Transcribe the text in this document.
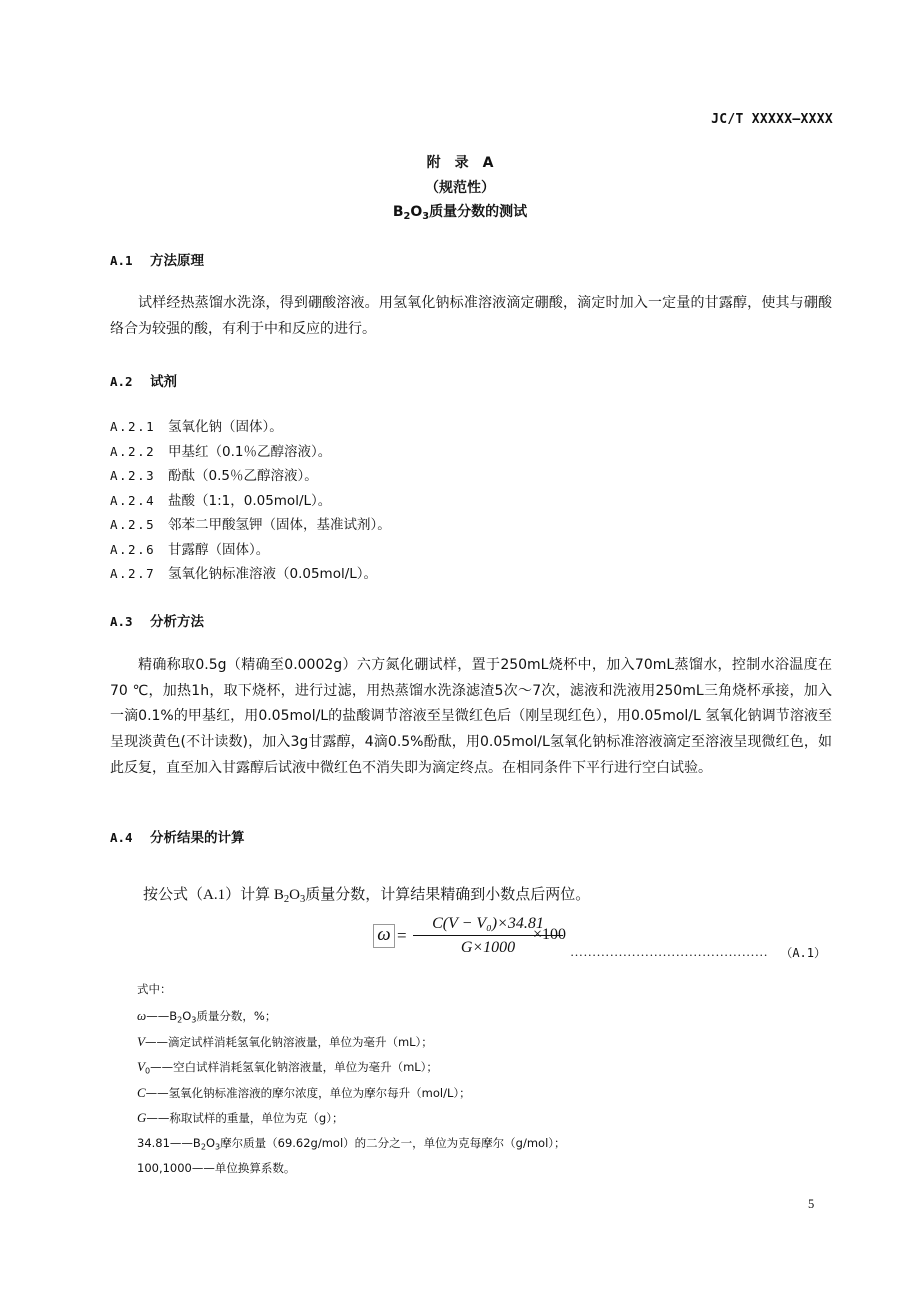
JC/T XXXXX—XXXX
附　录　A
（规范性）
$B_2O_3$质量分数的测试
A.1 方法原理
试样经热蒸馏水洗涤，得到硼酸溶液。用氢氧化钠标准溶液滴定硼酸，滴定时加入一定量的甘露醇，使其与硼酸络合为较强的酸，有利于中和反应的进行。
A.2 试剂
A.2.1 氢氧化钠（固体）。
A.2.2 甲基红（0.1％乙醇溶液）。
A.2.3 酚酞（0.5％乙醇溶液）。
A.2.4 盐酸（1:1，0.05mol/L）。
A.2.5 邻苯二甲酸氢钾（固体，基准试剂）。
A.2.6 甘露醇（固体）。
A.2.7 氢氧化钠标准溶液（0.05mol/L）。
A.3 分析方法
精确称取0.5g（精确至0.0002g）六方氮化硼试样，置于250mL烧杯中，加入70mL蒸馏水，控制水浴温度在70 ℃，加热1h，取下烧杯，进行过滤，用热蒸馏水洗涤滤渣5次～7次，滤液和洗液用250mL三角烧杯承接，加入一滴0.1%的甲基红，用0.05mol/L的盐酸调节溶液至呈微红色后（刚呈现红色），用0.05mol/L 氢氧化钠调节溶液至呈现淡黄色(不计读数)，加入3g甘露醇，4滴0.5%酚酞，用0.05mol/L氢氧化钠标准溶液滴定至溶液呈现微红色，如此反复，直至加入甘露醇后试液中微红色不消失即为滴定终点。在相同条件下平行进行空白试验。
A.4 分析结果的计算
按公式（A.1）计算 $B_2O_3$质量分数，计算结果精确到小数点后两位。
$\omega = \frac{\text{C(V − V₀)×34.81}}{G\times 1000}$
×100
……………………………………… （A.1）
式中：
$\omega——B_2O_3$质量分数，%；
V——滴定试样消耗氢氧化钠溶液量，单位为毫升（mL）；
$V_0——$空白试样消耗氢氧化钠溶液量，单位为毫升（mL）；
C——氢氧化钠标准溶液的摩尔浓度，单位为摩尔每升（mol/L）；
G——称取试样的重量，单位为克（g）；
$34.81——B_2O_3$摩尔质量（69.62g/mol）的二分之一，单位为克每摩尔（g/mol）；
100,1000——单位换算系数。
5
